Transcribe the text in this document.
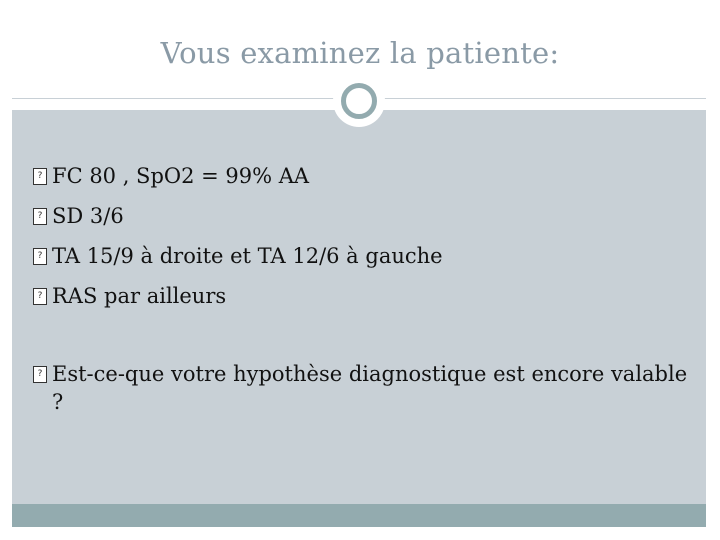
Vous examinez la patiente:
? FC 80 , SpO2 = 99% AA
? SD 3/6
? TA 15/9 à droite et TA 12/6 à gauche
? RAS par ailleurs
? Est-ce-que votre hypothèse diagnostique est encore valable ?
